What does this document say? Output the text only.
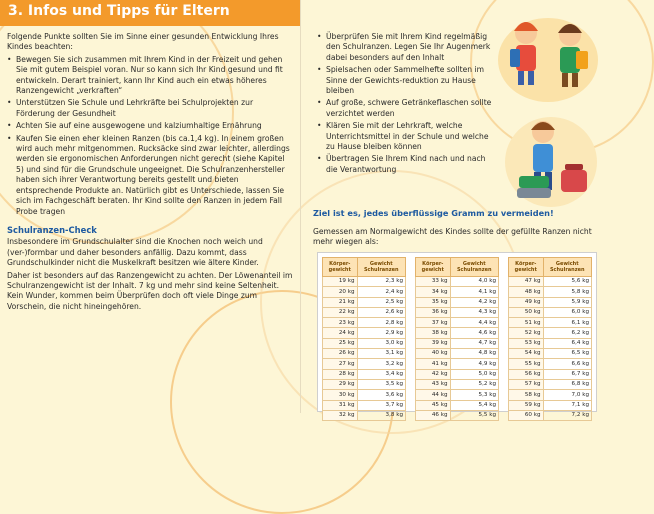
3. Infos und Tipps für Eltern

Folgende Punkte sollten Sie im Sinne einer gesunden Entwicklung Ihres Kindes beachten:

• Bewegen Sie sich zusammen mit Ihrem Kind in der Freizeit und gehen Sie mit gutem Beispiel voran. Nur so kann sich Ihr Kind gesund und fit entwickeln. Derart trainiert, kann Ihr Kind auch ein etwas höheres Ranzengewicht „verkraften“
• Unterstützen Sie Schule und Lehrkräfte bei Schulprojekten zur Förderung der Gesundheit
• Achten Sie auf eine ausgewogene und kalziumhaltige Ernährung
• Kaufen Sie einen eher kleinen Ranzen (bis ca.1,4 kg). In einem großen wird auch mehr mitgenommen. Rucksäcke sind zwar leichter, allerdings werden sie ergonomischen Anforderungen nicht gerecht (siehe Kapitel 5) und sind für die Grundschule ungeeignet. Die Schulranzenhersteller haben sich ihrer Verantwortung bereits gestellt und bieten entsprechende Produkte an. Natürlich gibt es Unterschiede, lassen Sie sich im Fachgeschäft beraten. Ihr Kind sollte den Ranzen in jedem Fall Probe tragen
Schulranzen-Check

Insbesondere im Grundschulalter sind die Knochen noch weich und (ver-)formbar und daher besonders anfällig. Dazu kommt, dass Grundschulkinder nicht die Muskelkraft besitzen wie ältere Kinder.

Daher ist besonders auf das Ranzengewicht zu achten. Der Löwenanteil im Schulranzengewicht ist der Inhalt. 7 kg und mehr sind keine Seltenheit. Kein Wunder, kommen beim Überprüfen doch oft viele Dinge zum Vorschein, die nicht hineingehören.

• Überprüfen Sie mit Ihrem Kind regelmäßig den Schulranzen. Legen Sie Ihr Augenmerk dabei besonders auf den Inhalt
• Spielsachen oder Sammelhefte sollten im Sinne der Gewichts-reduktion zu Hause bleiben
• Auf große, schwere Getränkeflaschen sollte verzichtet werden
• Klären Sie mit der Lehrkraft, welche Unterrichtsmittel in der Schule und welche zu Hause bleiben können
• Übertragen Sie Ihrem Kind nach und nach die Verantwortung
Ziel ist es, jedes überflüssige Gramm zu vermeiden!
Gemessen am Normalgewicht des Kindes sollte der gefüllte Ranzen nicht mehr wiegen als:
Körper-gewicht	Gewicht Schulranzen
19 kg	2,3 kg
20 kg	2,4 kg
21 kg	2,5 kg
22 kg	2,6 kg
23 kg	2,8 kg
24 kg	2,9 kg
25 kg	3,0 kg
26 kg	3,1 kg
27 kg	3,2 kg
28 kg	3,4 kg
29 kg	3,5 kg
30 kg	3,6 kg
31 kg	3,7 kg
32 kg	3,8 kg
Körper-gewicht	Gewicht Schulranzen
33 kg	4,0 kg
34 kg	4,1 kg
35 kg	4,2 kg
36 kg	4,3 kg
37 kg	4,4 kg
38 kg	4,6 kg
39 kg	4,7 kg
40 kg	4,8 kg
41 kg	4,9 kg
42 kg	5,0 kg
43 kg	5,2 kg
44 kg	5,3 kg
45 kg	5,4 kg
46 kg	5,5 kg
Körper-gewicht	Gewicht Schulranzen
47 kg	5,6 kg
48 kg	5,8 kg
49 kg	5,9 kg
50 kg	6,0 kg
51 kg	6,1 kg
52 kg	6,2 kg
53 kg	6,4 kg
54 kg	6,5 kg
55 kg	6,6 kg
56 kg	6,7 kg
57 kg	6,8 kg
58 kg	7,0 kg
59 kg	7,1 kg
60 kg	7,2 kg
